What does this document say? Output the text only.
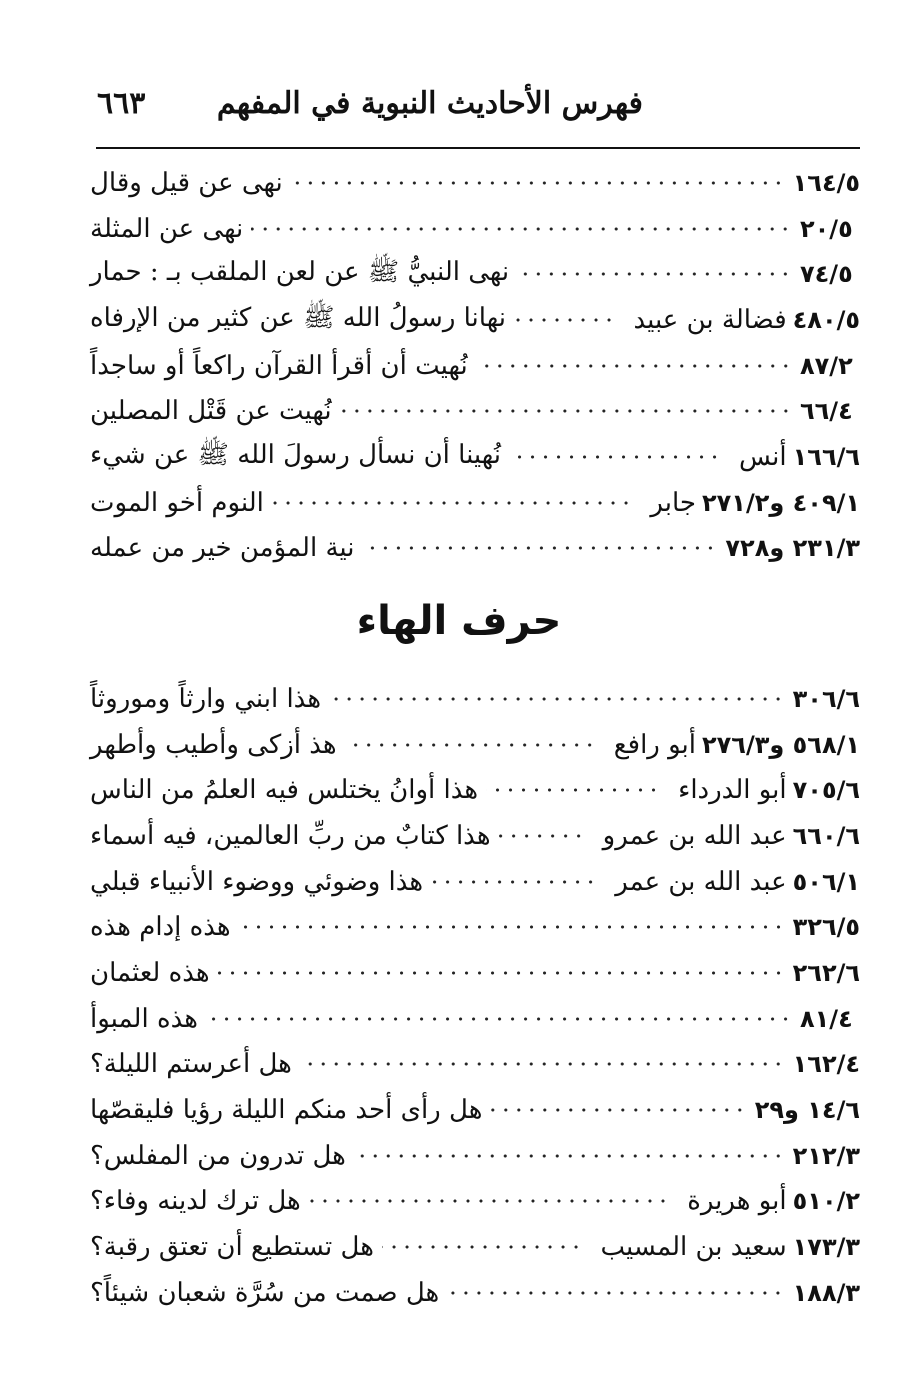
فهرس الأحاديث النبوية في المفهم
٦٦٣
نهى عن قيل وقال	١٦٤/٥
نهى عن المثلة	٢٠/٥
نهى النبيُّ ﷺ عن لعن الملقب بـ : حمار	٧٤/٥
نهانا رسولُ الله ﷺ عن كثير من الإرفاه	فضالة بن عبيد ٤٨٠/٥
نُهيت أن أقرأ القرآن راكعاً أو ساجداً	٨٧/٢
نُهيت عن قَتْل المصلين	٦٦/٤
نُهينا أن نسأل رسولَ الله ﷺ عن شيء	أنس ١٦٦/٦
النوم أخو الموت	جابر ٤٠٩/١ و٢٧١/٢
نية المؤمن خير من عمله	٢٣١/٣ و٧٢٨
حرف الهاء
هذا ابني وارثاً وموروثاً	٣٠٦/٦
هذ أزكى وأطيب وأطهر	أبو رافع ٥٦٨/١ و٢٧٦/٣
هذا أوانُ يختلس فيه العلمُ من الناس	أبو الدرداء ٧٠٥/٦
هذا كتابٌ من ربِّ العالمين، فيه أسماء	عبد الله بن عمرو ٦٦٠/٦
هذا وضوئي ووضوء الأنبياء قبلي	عبد الله بن عمر ٥٠٦/١
هذه إدام هذه	٣٢٦/٥
هذه لعثمان	٢٦٢/٦
هذه المبوأ	٨١/٤
هل أعرستم الليلة؟	١٦٢/٤
هل رأى أحد منكم الليلة رؤيا فليقصّها	١٤/٦ و٢٩
هل تدرون من المفلس؟	٢١٢/٣
هل ترك لدينه وفاء؟	أبو هريرة ٥١٠/٢
هل تستطيع أن تعتق رقبة؟	سعيد بن المسيب ١٧٣/٣
هل صمت من سُرَّة شعبان شيئاً؟	١٨٨/٣
